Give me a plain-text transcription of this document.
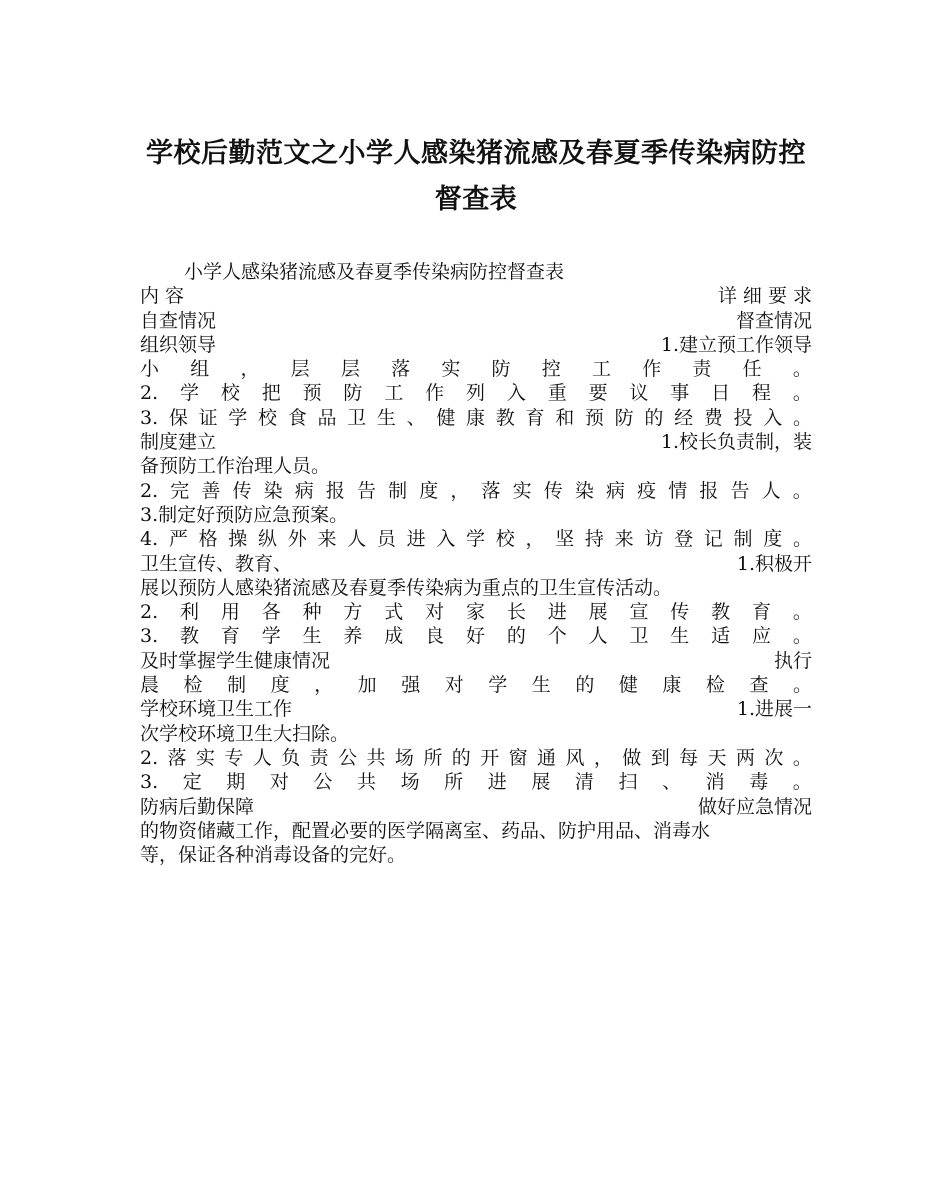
学校后勤范文之小学人感染猪流感及春夏季传染病防控
督查表
小学人感染猪流感及春夏季传染病防控督查表
内 容	详 细 要 求
自查情况	督查情况
组织领导	1.建立预工作领导
小 组 ， 层 层 落 实 防 控 工 作 责 任 。
2. 学 校 把 预 防 工 作 列 入 重 要 议 事 日 程 。
3. 保 证 学 校 食 品 卫 生 、 健 康 教 育 和 预 防 的 经 费 投 入 。
制度建立	1.校长负责制，装
备预防工作治理人员。
2. 完 善 传 染 病 报 告 制 度 ， 落 实 传 染 病 疫 情 报 告 人 。
3.制定好预防应急预案。
4. 严 格 操 纵 外 来 人 员 进 入 学 校 ， 坚 持 来 访 登 记 制 度 。
卫生宣传、教育、	1.积极开
展以预防人感染猪流感及春夏季传染病为重点的卫生宣传活动。
2. 利 用 各 种 方 式 对 家 长 进 展 宣 传 教 育 。
3. 教 育 学 生 养 成 良 好 的 个 人 卫 生 适 应 。
及时掌握学生健康情况	执行
晨 检 制 度 ， 加 强 对 学 生 的 健 康 检 查 。
学校环境卫生工作	1.进展一
次学校环境卫生大扫除。
2. 落 实 专 人 负 责 公 共 场 所 的 开 窗 通 风 ， 做 到 每 天 两 次 。
3. 定 期 对 公 共 场 所 进 展 清 扫 、 消 毒 。
防病后勤保障	做好应急情况
的物资储藏工作，配置必要的医学隔离室、药品、防护用品、消毒水
等，保证各种消毒设备的完好。
